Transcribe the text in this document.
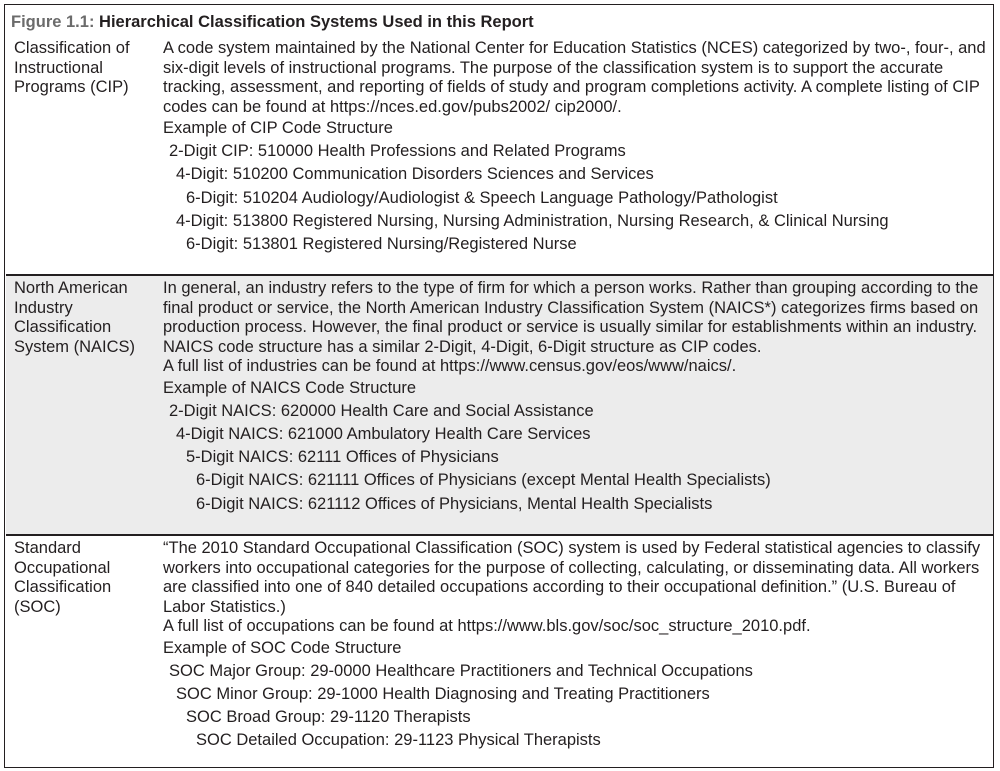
Figure 1.1: Hierarchical Classification Systems Used in this Report
Classification of Instructional Programs (CIP)

A code system maintained by the National Center for Education Statistics (NCES) categorized by two-, four-, and six-digit levels of instructional programs. The purpose of the classification system is to support the accurate tracking, assessment, and reporting of fields of study and program completions activity. A complete listing of CIP codes can be found at https://nces.ed.gov/pubs2002/ cip2000/.

Example of CIP Code Structure

2-Digit CIP: 510000 Health Professions and Related Programs

4-Digit: 510200 Communication Disorders Sciences and Services

6-Digit: 510204 Audiology/Audiologist & Speech Language Pathology/Pathologist

4-Digit: 513800 Registered Nursing, Nursing Administration, Nursing Research, & Clinical Nursing

6-Digit: 513801 Registered Nursing/Registered Nurse

North American Industry Classification System (NAICS)

In general, an industry refers to the type of firm for which a person works. Rather than grouping according to the final product or service, the North American Industry Classification System (NAICS*) categorizes firms based on production process. However, the final product or service is usually similar for establishments within an industry. NAICS code structure has a similar 2-Digit, 4-Digit, 6-Digit structure as CIP codes.

A full list of industries can be found at https://www.census.gov/eos/www/naics/.

Example of NAICS Code Structure

2-Digit NAICS: 620000 Health Care and Social Assistance

4-Digit NAICS: 621000 Ambulatory Health Care Services

5-Digit NAICS: 62111 Offices of Physicians

6-Digit NAICS: 621111 Offices of Physicians (except Mental Health Specialists)

6-Digit NAICS: 621112 Offices of Physicians, Mental Health Specialists

Standard Occupational Classification (SOC)

“The 2010 Standard Occupational Classification (SOC) system is used by Federal statistical agencies to classify workers into occupational categories for the purpose of collecting, calculating, or disseminating data. All workers are classified into one of 840 detailed occupations according to their occupational definition.” (U.S. Bureau of Labor Statistics.)

A full list of occupations can be found at https://www.bls.gov/soc/soc_structure_2010.pdf.

Example of SOC Code Structure

SOC Major Group: 29-0000 Healthcare Practitioners and Technical Occupations

SOC Minor Group: 29-1000 Health Diagnosing and Treating Practitioners

SOC Broad Group: 29-1120 Therapists

SOC Detailed Occupation: 29-1123 Physical Therapists
